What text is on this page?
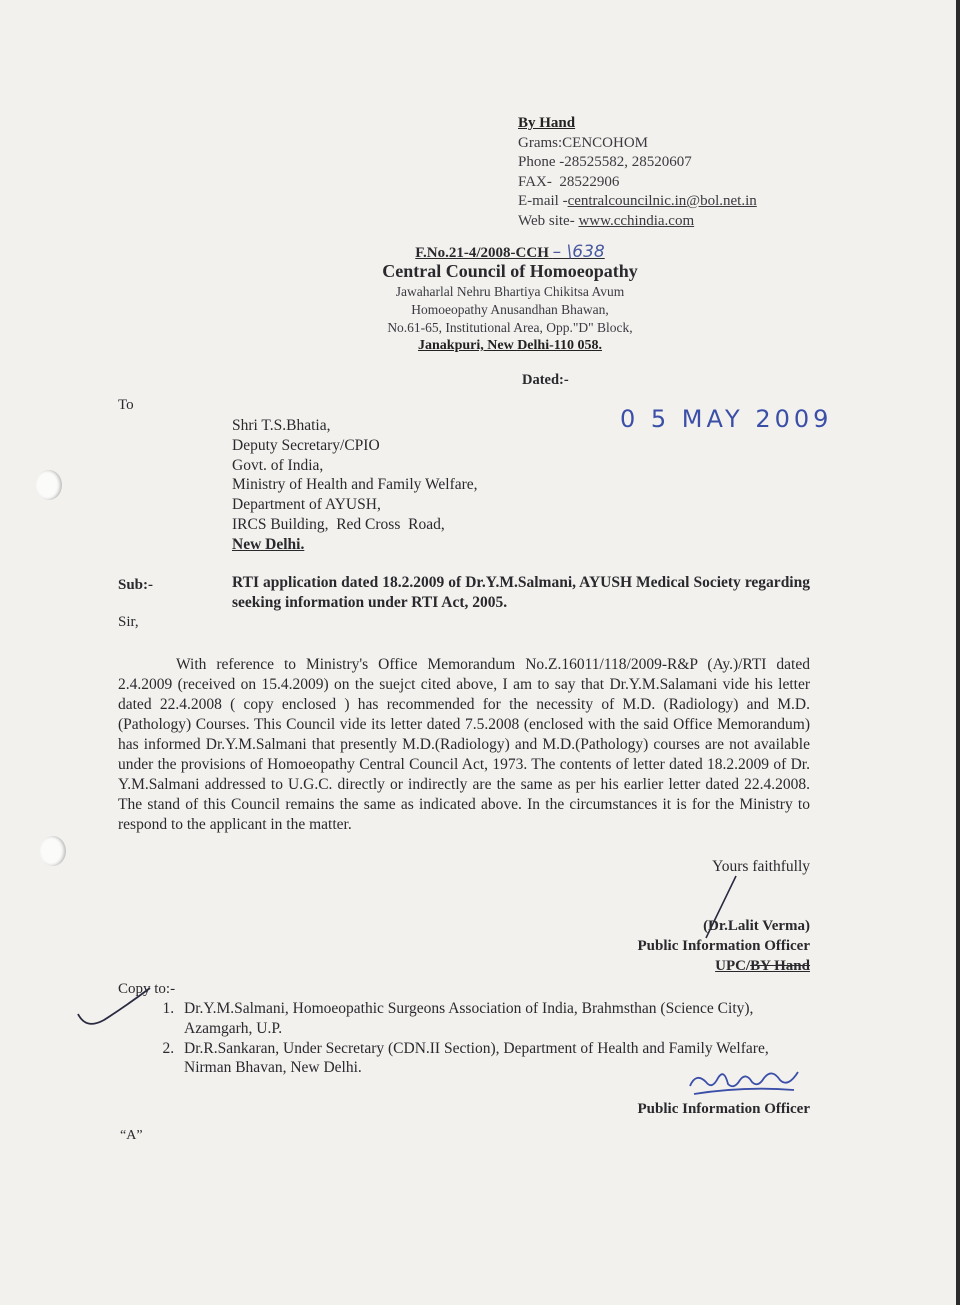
By Hand
Grams:CENCOHOM
Phone -28525582, 28520607
FAX-  28522906
E-mail -centralcouncilnic.in@bol.net.in
Web site- www.cchindia.com
F.No.21-4/2008-CCH – \638
Central Council of Homoeopathy
Jawaharlal Nehru Bhartiya Chikitsa Avum
Homoeopathy Anusandhan Bhawan,
No.61-65, Institutional Area, Opp."D" Block,
Janakpuri, New Delhi-110 058.
Dated:-
0 5 MAY 2009
To
Shri T.S.Bhatia,
Deputy Secretary/CPIO
Govt. of India,
Ministry of Health and Family Welfare,
Department of AYUSH,
IRCS Building,  Red Cross  Road,
New Delhi.
Sub:-	RTI application dated 18.2.2009 of Dr.Y.M.Salmani, AYUSH Medical Society regarding seeking information under RTI Act, 2005.
Sir,
With reference to Ministry's Office Memorandum No.Z.16011/118/2009-R&P (Ay.)/RTI dated 2.4.2009 (received on 15.4.2009) on the suejct cited above, I am to say that Dr.Y.M.Salamani vide his letter dated 22.4.2008 ( copy enclosed ) has recommended for the necessity of M.D. (Radiology) and M.D. (Pathology) Courses. This Council vide its letter dated 7.5.2008 (enclosed with the said Office Memorandum) has informed Dr.Y.M.Salmani that presently M.D.(Radiology) and M.D.(Pathology) courses are not available under the provisions of Homoeopathy Central Council Act, 1973. The contents of letter dated 18.2.2009 of Dr. Y.M.Salmani addressed to U.G.C. directly or indirectly are the same as per his earlier letter dated 22.4.2008. The stand of this Council remains the same as indicated above. In the circumstances it is for the Ministry to respond to the applicant in the matter.
Yours faithfully
(Dr.Lalit Verma)
Public Information Officer
UPC/BY Hand
Copy to:-
1. Dr.Y.M.Salmani, Homoeopathic Surgeons Association of India, Brahmsthan (Science City), Azamgarh, U.P.
2. Dr.R.Sankaran, Under Secretary (CDN.II Section), Department of Health and Family Welfare, Nirman Bhavan, New Delhi.
Public Information Officer
“A”
